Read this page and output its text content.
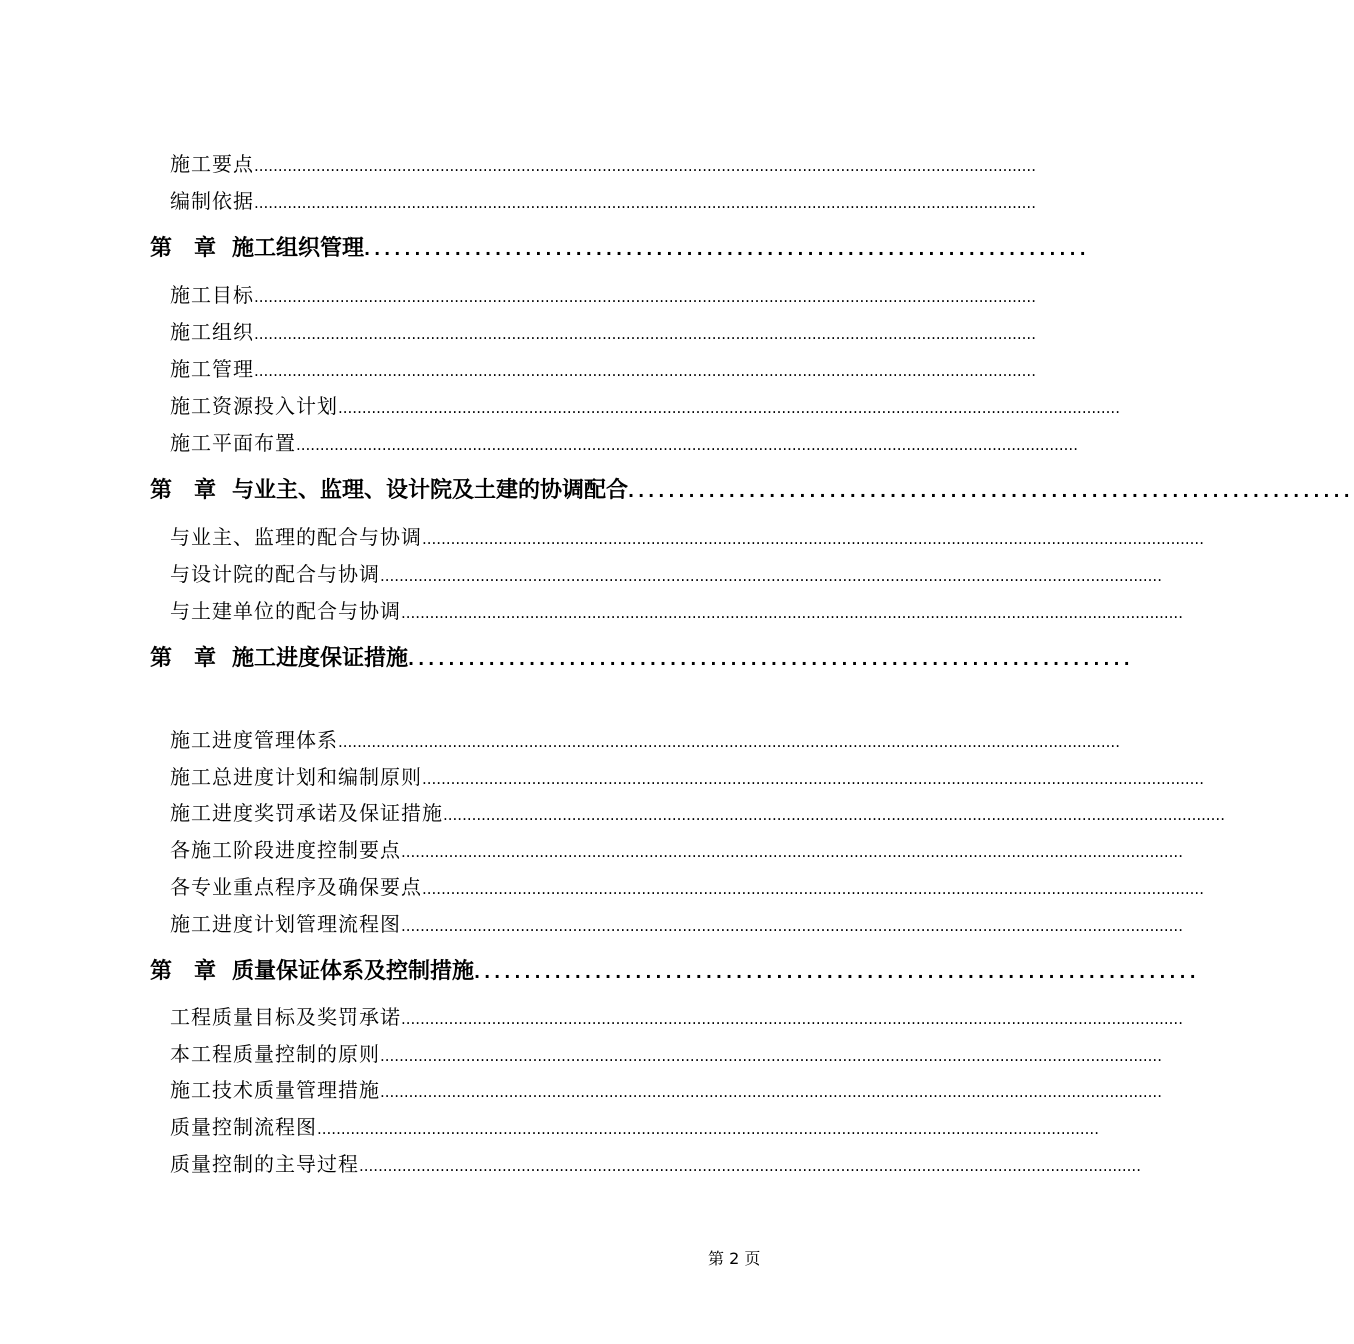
施工要点 ....................................................................................................................................................................
编制依据 ....................................................................................................................................................................
第　章 施工组织管理 ........................................................................
施工目标 ....................................................................................................................................................................
施工组织 ....................................................................................................................................................................
施工管理 ....................................................................................................................................................................
施工资源投入计划 ....................................................................................................................................................................
施工平面布置 ....................................................................................................................................................................
第　章 与业主、监理、设计院及土建的协调配合 ........................................................................
与业主、监理的配合与协调 ....................................................................................................................................................................
与设计院的配合与协调 ....................................................................................................................................................................
与土建单位的配合与协调 ....................................................................................................................................................................
第　章 施工进度保证措施 ........................................................................
施工进度管理体系 ....................................................................................................................................................................
施工总进度计划和编制原则 ....................................................................................................................................................................
施工进度奖罚承诺及保证措施 ....................................................................................................................................................................
各施工阶段进度控制要点 ....................................................................................................................................................................
各专业重点程序及确保要点 ....................................................................................................................................................................
施工进度计划管理流程图 ....................................................................................................................................................................
第　章 质量保证体系及控制措施 ........................................................................
工程质量目标及奖罚承诺 ....................................................................................................................................................................
本工程质量控制的原则 ....................................................................................................................................................................
施工技术质量管理措施 ....................................................................................................................................................................
质量控制流程图 ....................................................................................................................................................................
质量控制的主导过程 ....................................................................................................................................................................
第 2 页
